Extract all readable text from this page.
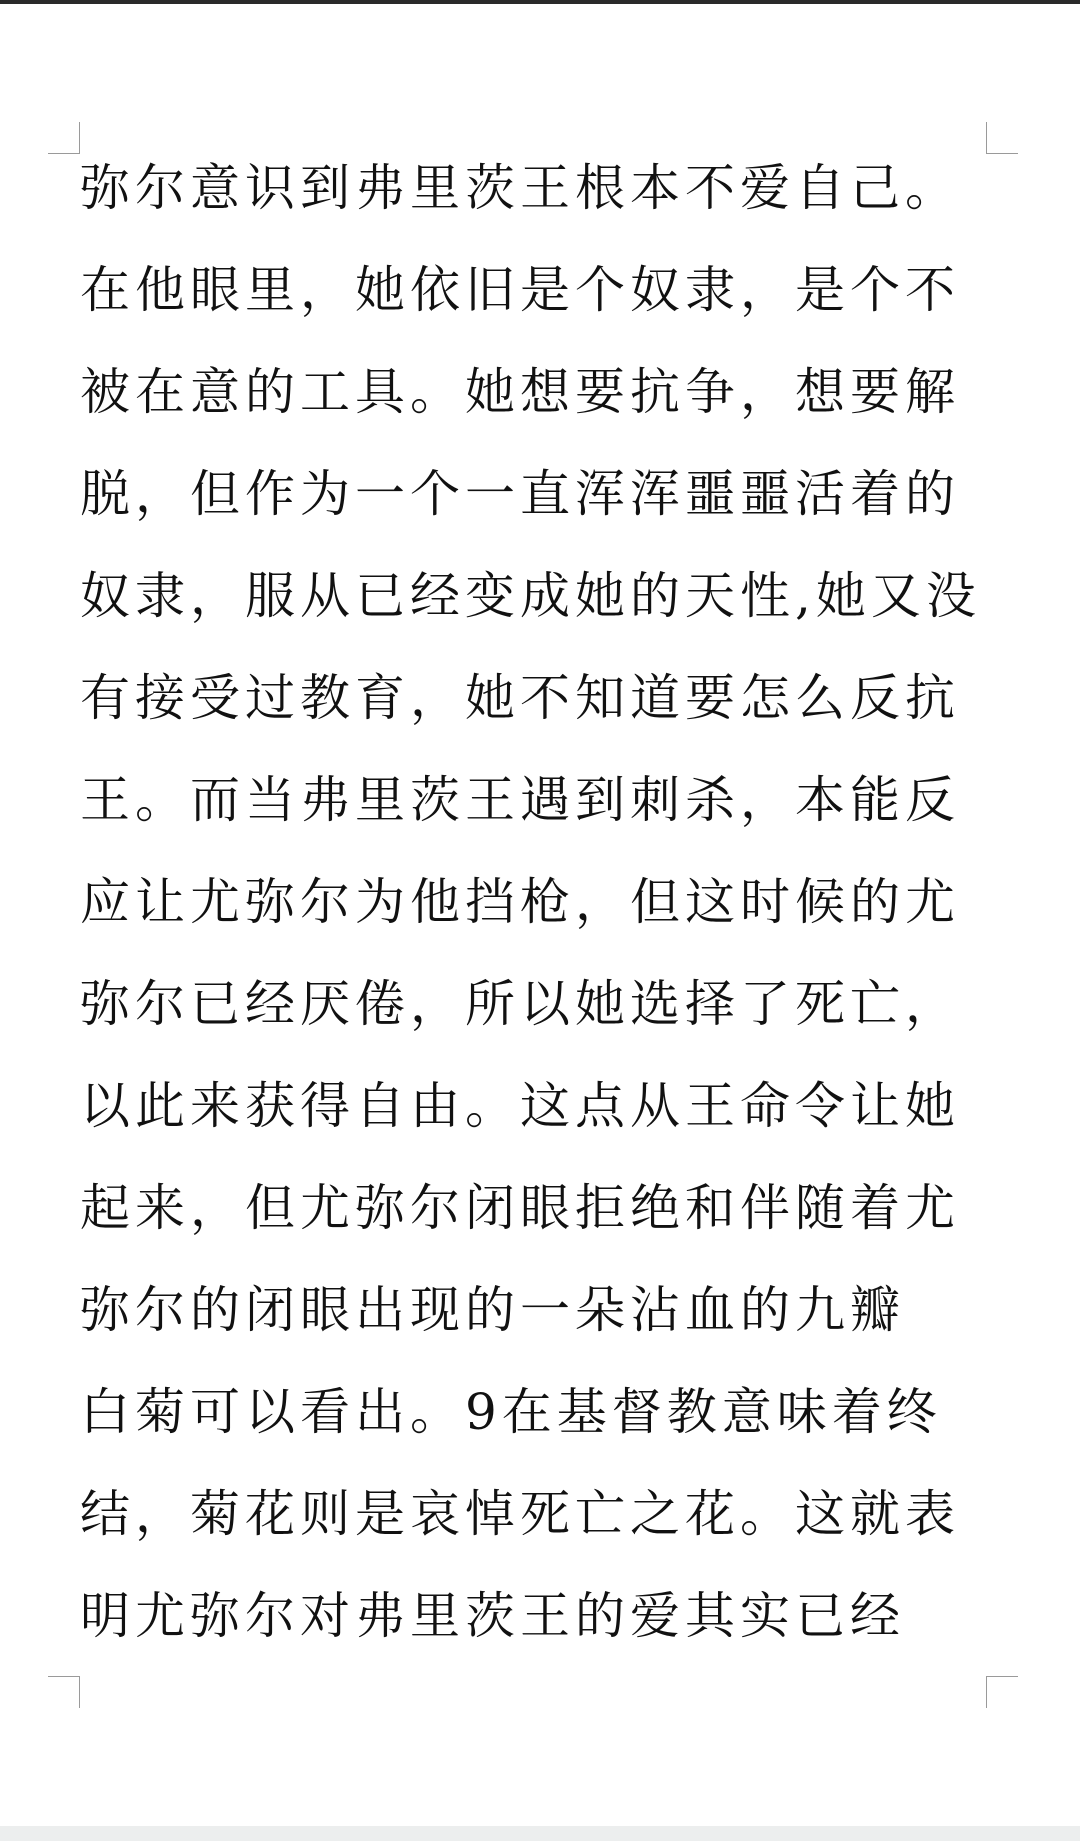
弥尔意识到弗里茨王根本不爱自己。
在他眼里，她依旧是个奴隶，是个不
被在意的工具。她想要抗争，想要解
脱，但作为一个一直浑浑噩噩活着的
奴隶，服从已经变成她的天性,她又没
有接受过教育，她不知道要怎么反抗
王。而当弗里茨王遇到刺杀，本能反
应让尤弥尔为他挡枪，但这时候的尤
弥尔已经厌倦，所以她选择了死亡，
以此来获得自由。这点从王命令让她
起来，但尤弥尔闭眼拒绝和伴随着尤
弥尔的闭眼出现的一朵沾血的九瓣
白菊可以看出。9在基督教意味着终
结，菊花则是哀悼死亡之花。这就表
明尤弥尔对弗里茨王的爱其实已经
